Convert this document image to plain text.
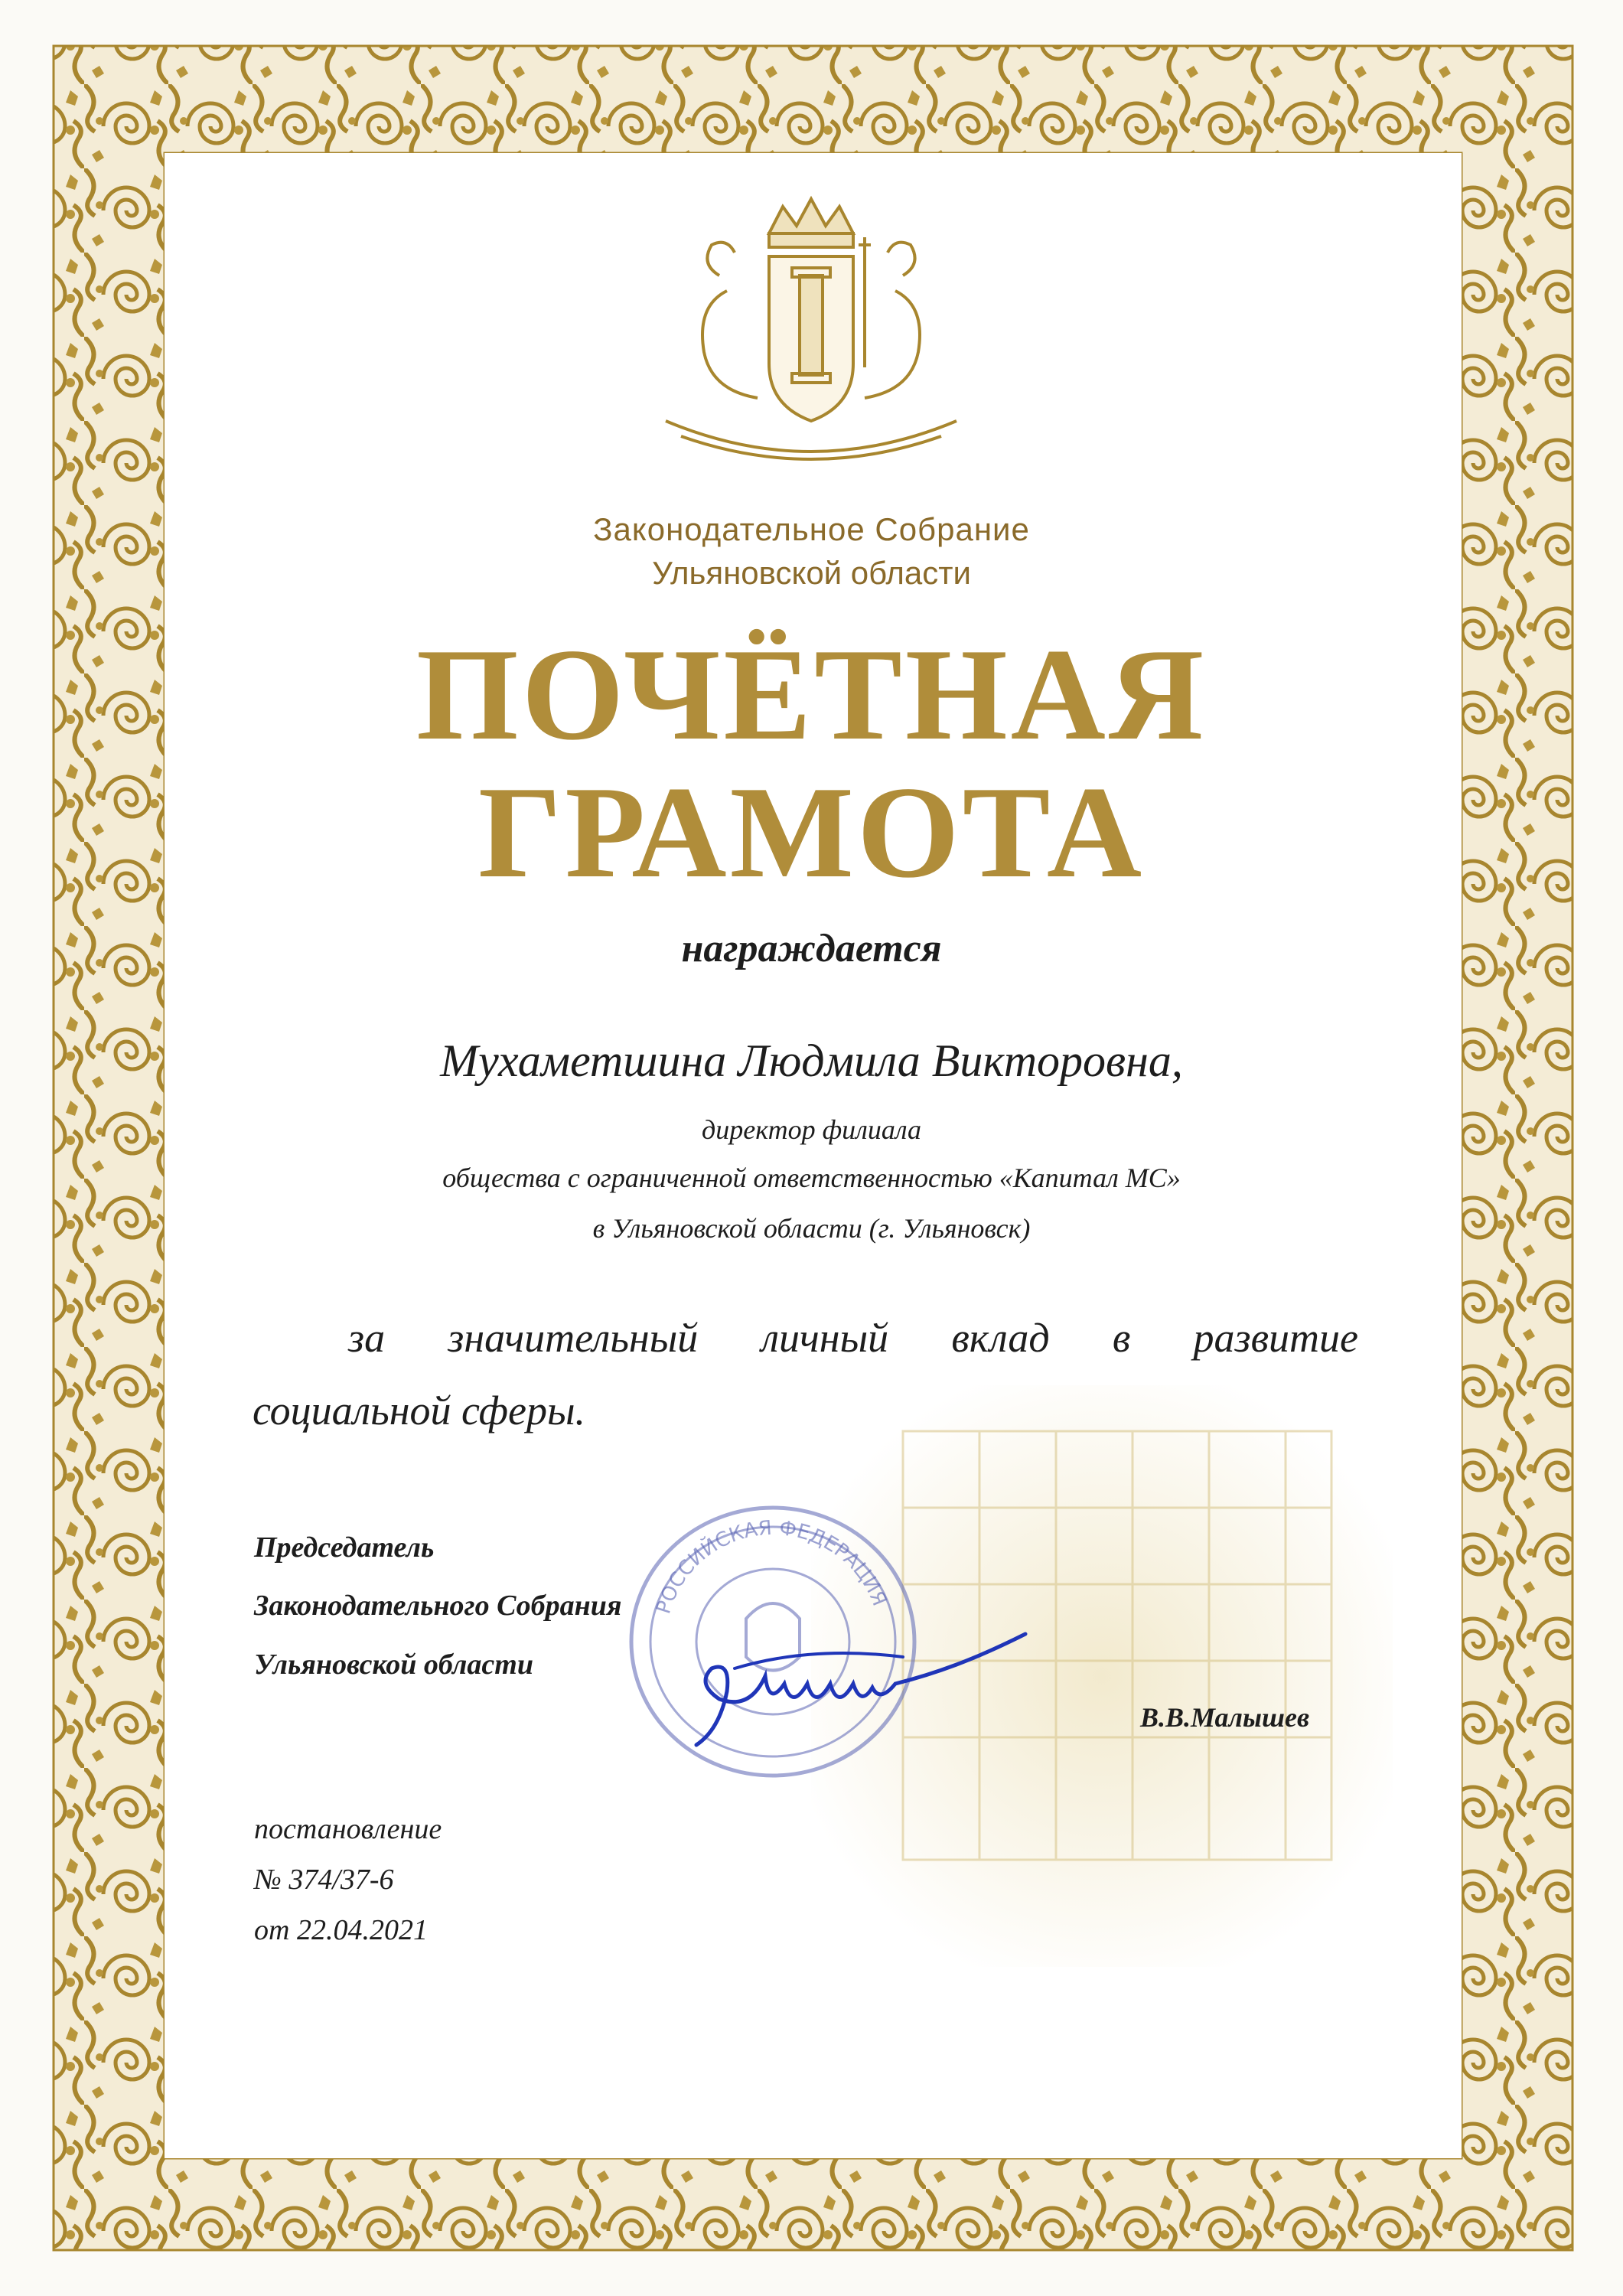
Законодательное Собрание
Ульяновской области
ПОЧЁТНАЯ
ГРАМОТА
награждается
Мухаметшина Людмила Викторовна,
директор филиала
общества с ограниченной ответственностью «Капитал МС»
в Ульяновской области (г. Ульяновск)
за значительный личный вклад в развитие
социальной сферы.
РОССИЙСКАЯ ФЕДЕРАЦИЯ
Председатель
Законодательного Собрания
Ульяновской области
В.В.Малышев
постановление
№ 374/37-6
от 22.04.2021
